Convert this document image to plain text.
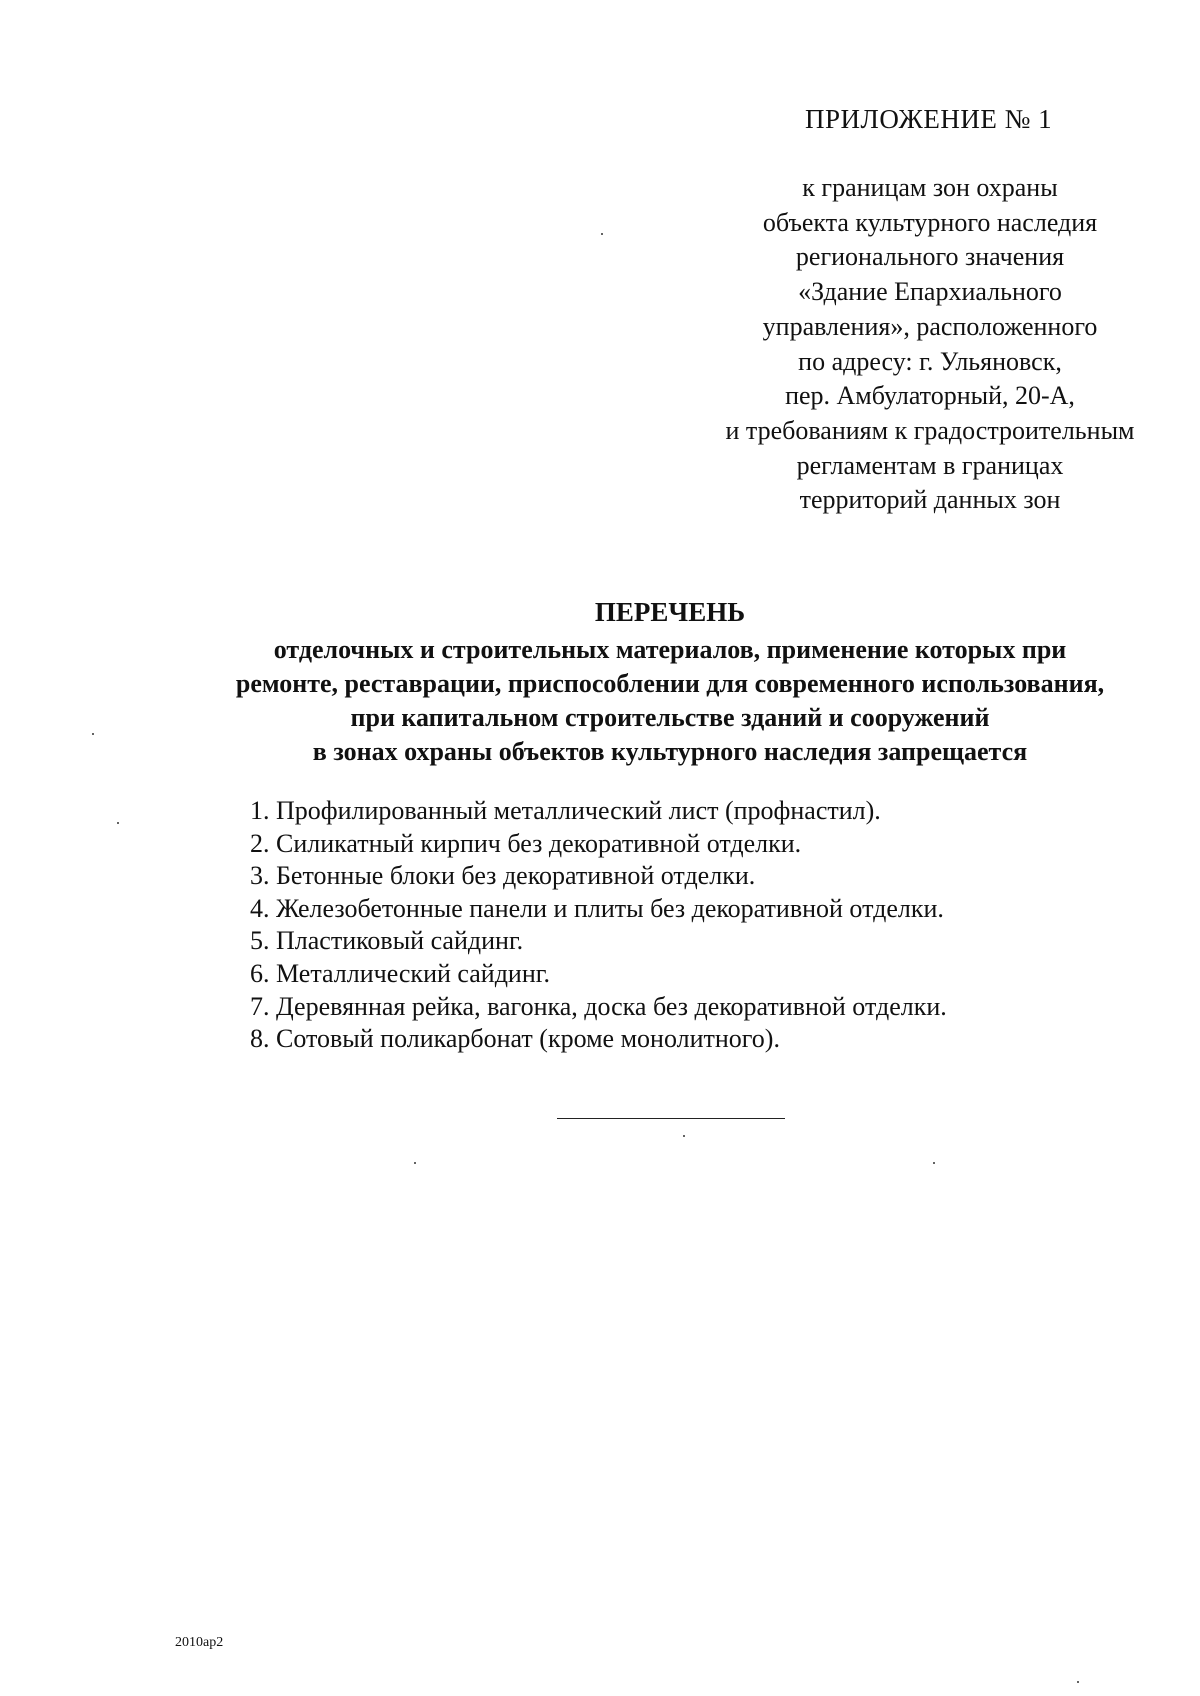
ПРИЛОЖЕНИЕ № 1
к границам зон охраны
объекта культурного наследия
регионального значения
«Здание Епархиального
управления», расположенного
по адресу: г. Ульяновск,
пер. Амбулаторный, 20-А,
и требованиям к градостроительным
регламентам в границах
территорий данных зон
ПЕРЕЧЕНЬ
отделочных и строительных материалов, применение которых при
ремонте, реставрации, приспособлении для современного использования,
при капитальном строительстве зданий и сооружений
в зонах охраны объектов культурного наследия запрещается
1. Профилированный металлический лист (профнастил).
2. Силикатный кирпич без декоративной отделки.
3. Бетонные блоки без декоративной отделки.
4. Железобетонные панели и плиты без декоративной отделки.
5. Пластиковый сайдинг.
6. Металлический сайдинг.
7. Деревянная рейка, вагонка, доска без декоративной отделки.
8. Сотовый поликарбонат (кроме монолитного).
2010ap2
